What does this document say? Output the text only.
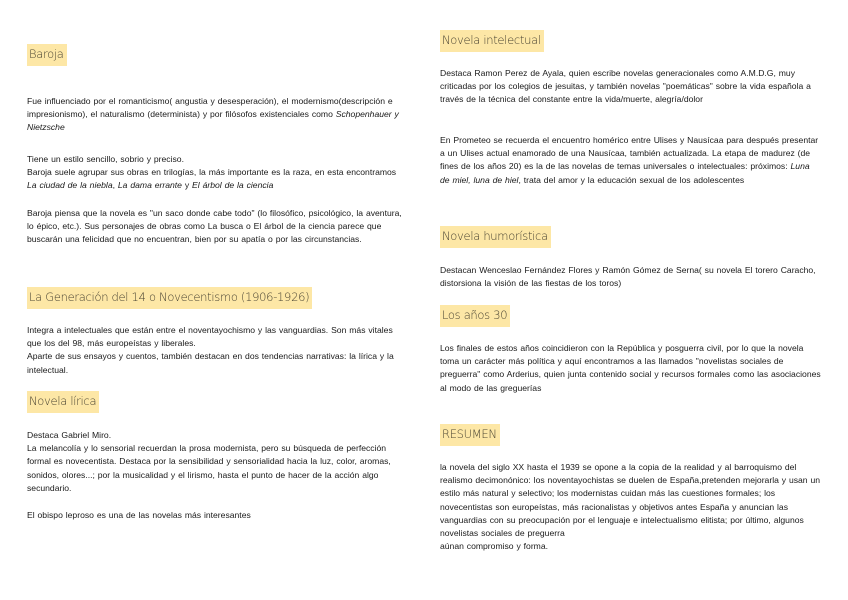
Baroja

Fue influenciado por el romanticismo( angustia y desesperación), el modernismo(descripción e impresionismo), el naturalismo (determinista) y por filósofos existenciales como Schopenhauer y Nietzsche

Tiene un estilo sencillo, sobrio y preciso.
Baroja suele agrupar sus obras en trilogías, la más importante es la raza, en esta encontramos La ciudad de la niebla, La dama errante y El árbol de la ciencia

Baroja piensa que la novela es "un saco donde cabe todo" (lo filosófico, psicológico, la aventura, lo épico, etc.). Sus personajes de obras como La busca o El árbol de la ciencia parece que buscarán una felicidad que no encuentran, bien por su apatía o por las circunstancias.

La Generación del 14 o Novecentismo (1906-1926)

Integra a intelectuales que están entre el noventayochismo y las vanguardias. Son más vitales que los del 98, más europeístas y liberales.
Aparte de sus ensayos y cuentos, también destacan en dos tendencias narrativas: la lírica y la intelectual.

Novela lírica

Destaca Gabriel Miro.
La melancolía y lo sensorial recuerdan la prosa modernista, pero su búsqueda de perfección formal es novecentista. Destaca por la sensibilidad y sensorialidad hacia la luz, color, aromas, sonidos, olores...; por la musicalidad y el lirismo, hasta el punto de hacer de la acción algo secundario.

El obispo leproso es una de las novelas más interesantes

Novela intelectual

Destaca Ramon Perez de Ayala, quien escribe novelas generacionales como A.M.D.G, muy criticadas por los colegios de jesuitas, y también novelas "poemáticas" sobre la vida española a través de la técnica del constante entre la vida/muerte, alegría/dolor

En Prometeo se recuerda el encuentro homérico entre Ulises y Nausícaa para después presentar a un Ulises actual enamorado de una Nausícaa, también actualizada. La etapa de madurez (de fines de los años 20) es la de las novelas de temas universales o intelectuales: próximos: Luna de miel, luna de hiel, trata del amor y la educación sexual de los adolescentes

Novela humorística

Destacan Wenceslao Fernández Flores y Ramón Gómez de Serna( su novela El torero Caracho, distorsiona la visión de las fiestas de los toros)

Los años 30

Los finales de estos años coincidieron con la República y posguerra civil, por lo que la novela toma un carácter más política y aquí encontramos a las llamados "novelistas sociales de preguerra" como Arderius, quien junta contenido social y recursos formales como las asociaciones al modo de las greguerías

RESUMEN

la novela del siglo XX hasta el 1939 se opone a la copia de la realidad y al barroquismo del realismo decimonónico: los noventayochistas se duelen de España,pretenden mejorarla y usan un estilo más natural y selectivo; los modernistas cuidan más las cuestiones formales; los novecentistas son europeístas, más racionalistas y objetivos antes España y anuncian las vanguardias con su preocupación por el lenguaje e intelectualismo elitista; por último, algunos novelistas sociales de preguerra
aúnan compromiso y forma.
